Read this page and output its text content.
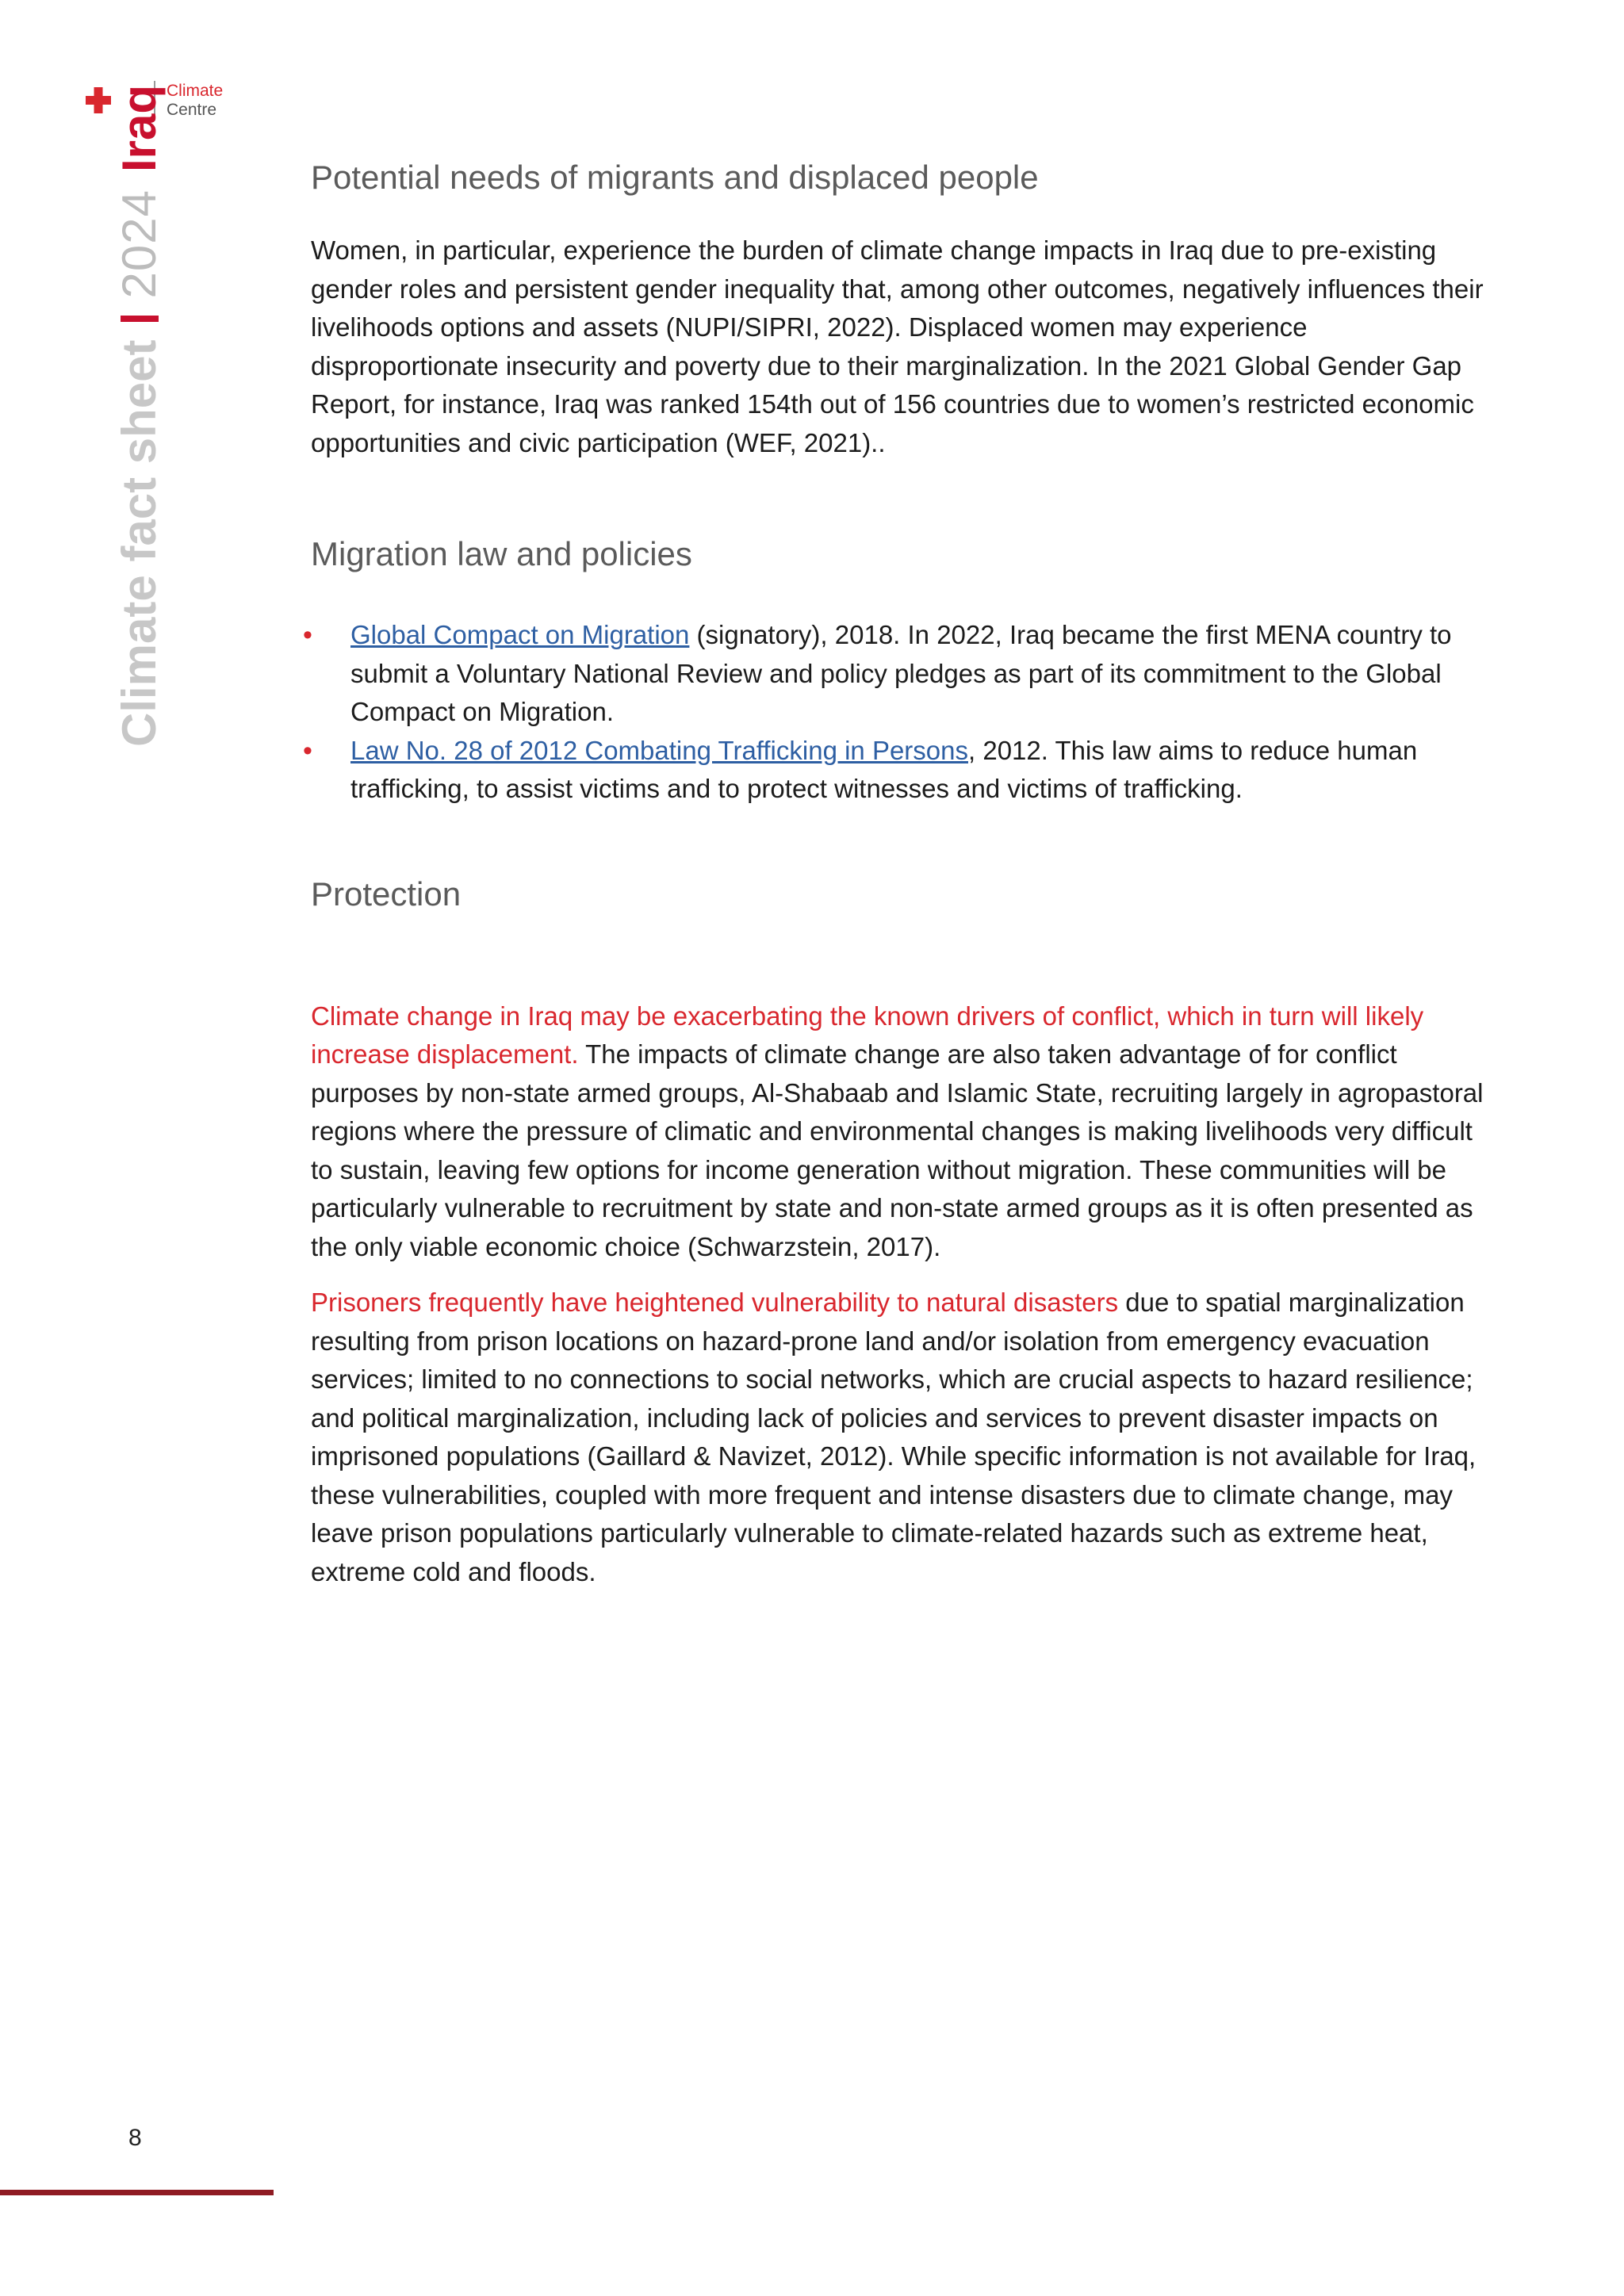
Climate
Centre
Climate fact sheet
2024
Iraq
Potential needs of migrants and displaced people

Women, in particular, experience the burden of climate change impacts in Iraq due to pre-existing gender roles and persistent gender inequality that, among other outcomes, negatively influences their livelihoods options and assets (NUPI/SIPRI, 2022). Displaced women may experience disproportionate insecurity and poverty due to their marginalization. In the 2021 Global Gender Gap Report, for instance, Iraq was ranked 154th out of 156 countries due to women’s restricted economic opportunities and civic participation (WEF, 2021)..

Migration law and policies
• Global Compact on Migration (signatory), 2018. In 2022, Iraq became the first MENA country to submit a Voluntary National Review and policy pledges as part of its commitment to the Global Compact on Migration.
• Law No. 28 of 2012 Combating Trafficking in Persons, 2012. This law aims to reduce human trafficking, to assist victims and to protect witnesses and victims of trafficking.
Protection

Climate change in Iraq may be exacerbating the known drivers of conflict, which in turn will likely increase displacement. The impacts of climate change are also taken advantage of for conflict purposes by non-state armed groups, Al-Shabaab and Islamic State, recruiting largely in agropastoral regions where the pressure of climatic and environmental changes is making livelihoods very difficult to sustain, leaving few options for income generation without migration. These communities will be particularly vulnerable to recruitment by state and non-state armed groups as it is often presented as the only viable economic choice (Schwarzstein, 2017).

Prisoners frequently have heightened vulnerability to natural disasters due to spatial marginalization resulting from prison locations on hazard-prone land and/or isolation from emergency evacuation services; limited to no connections to social networks, which are crucial aspects to hazard resilience; and political marginalization, including lack of policies and services to prevent disaster impacts on imprisoned populations (Gaillard & Navizet, 2012). While specific information is not available for Iraq, these vulnerabilities, coupled with more frequent and intense disasters due to climate change, may leave prison populations particularly vulnerable to climate-related hazards such as extreme heat, extreme cold and floods.

8
